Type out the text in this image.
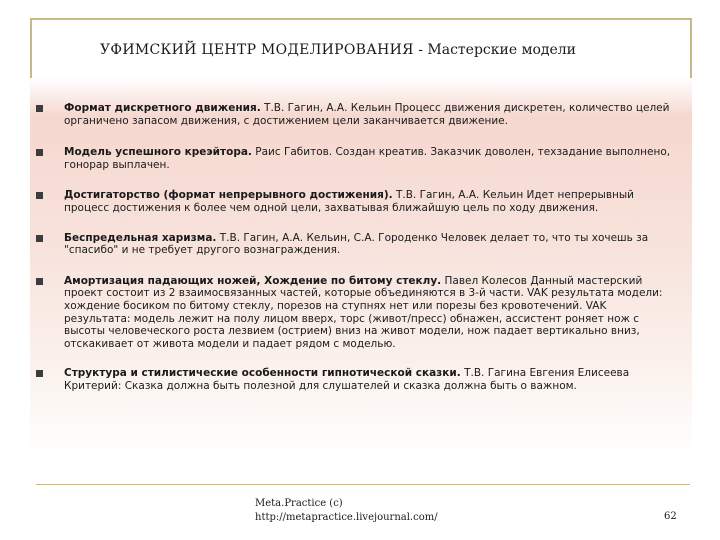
УФИМСКИЙ ЦЕНТР МОДЕЛИРОВАНИЯ - Мастерские модели
Формат дискретного движения. Т.В. Гагин, А.А. Кельин Процесс движения дискретен, количество целей органичено запасом движения, с достижением цели заканчивается движение.
Модель успешного креэйтора. Раис Габитов. Создан креатив. Заказчик доволен, техзадание выполнено, гонорар выплачен.
Достигаторство (формат непрерывного достижения). Т.В. Гагин, А.А. Кельин Идет непрерывный процесс достижения к более чем одной цели, захватывая ближайшую цель по ходу движения.
Беспредельная харизма. Т.В. Гагин, А.А. Кельин, С.А. Городенко Человек делает то, что ты хочешь за "спасибо" и не требует другого вознаграждения.
Амортизация падающих ножей, Хождение по битому стеклу. Павел Колесов Данный мастерский проект состоит из 2 взаимосвязанных частей, которые объединяются в 3-й части. VAK результата модели: хождение босиком по битому стеклу, порезов на ступнях нет или порезы без кровотечений. VAK результата: модель лежит на полу лицом вверх, торс (живот/пресс) обнажен, ассистент роняет нож с высоты человеческого роста лезвием (острием) вниз на живот модели, нож падает вертикально вниз, отскакивает от живота модели и падает рядом с моделью.
Структура и стилистические особенности гипнотической сказки. Т.В. Гагина Евгения Елисеева Критерий: Сказка должна быть полезной для слушателей и сказка должна быть о важном.
Meta.Practice (c)
http://metapractice.livejournal.com/	62
